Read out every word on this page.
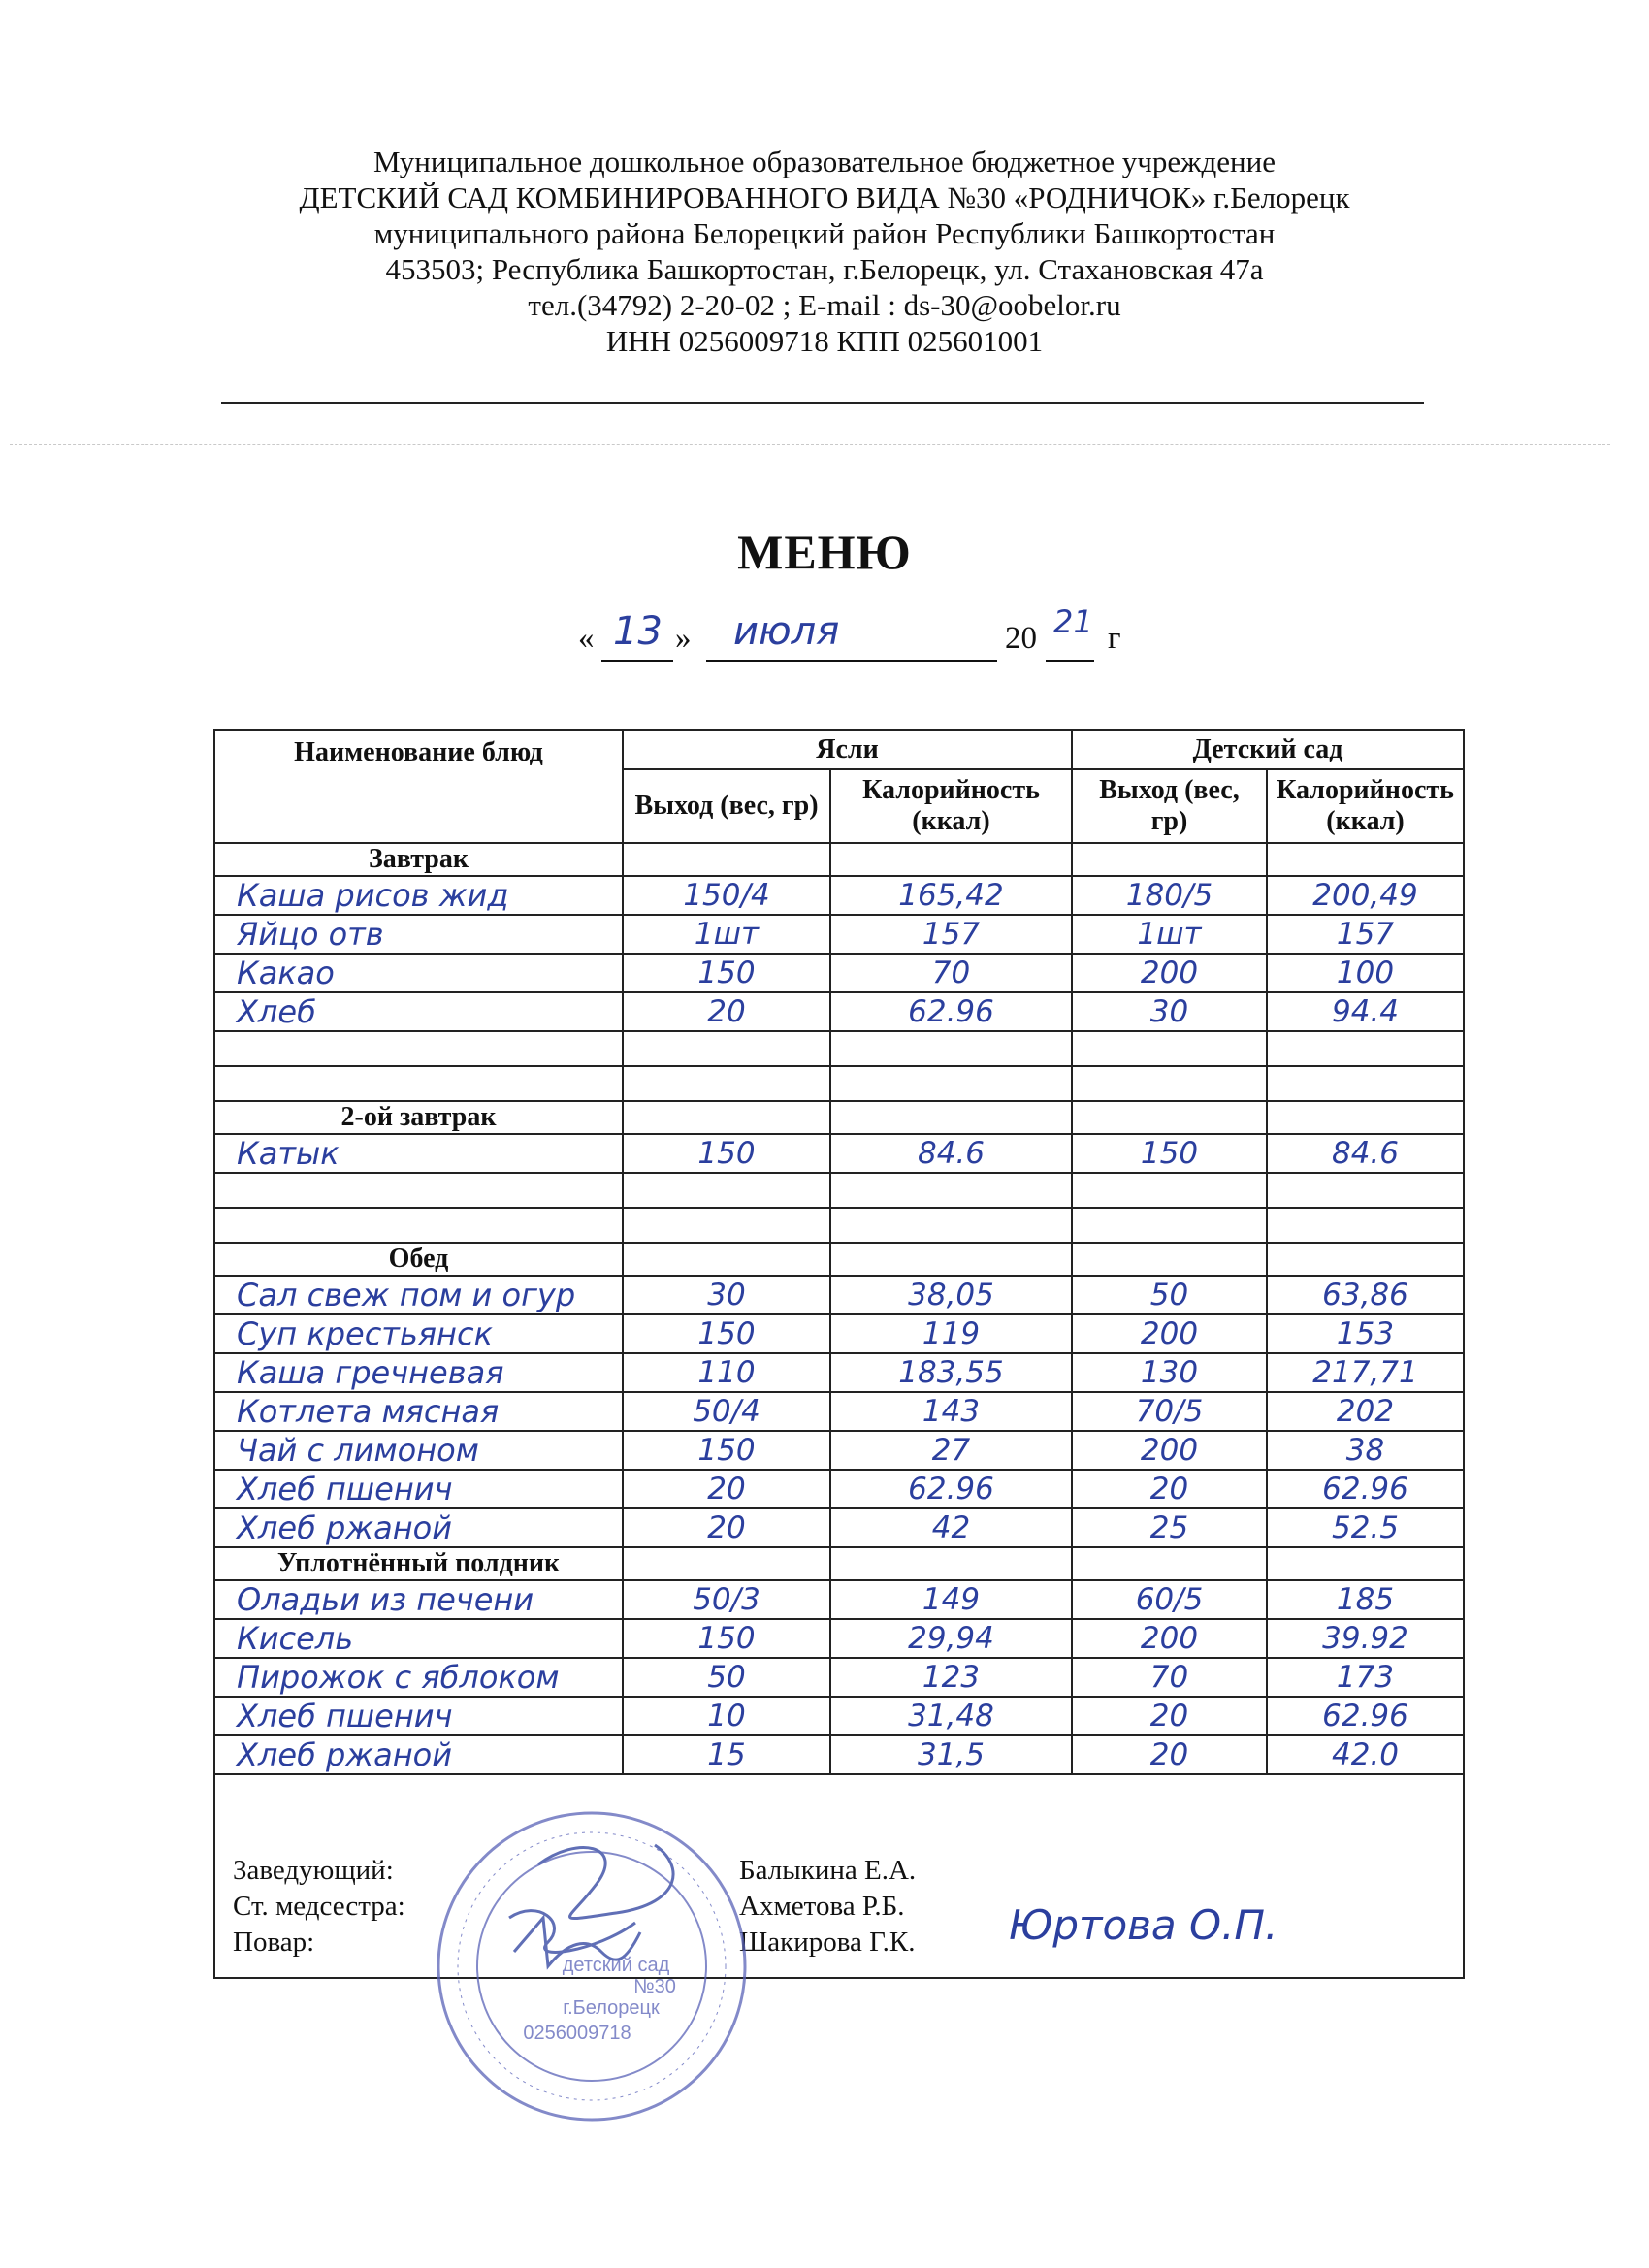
Муниципальное дошкольное образовательное бюджетное учреждение
ДЕТСКИЙ САД КОМБИНИРОВАННОГО ВИДА №30 «РОДНИЧОК» г.Белорецк
муниципального района Белорецкий район Республики Башкортостан
453503; Республика Башкортостан, г.Белорецк, ул. Стахановская 47а
тел.(34792) 2-20-02 ; E-mail : ds-30@oobelor.ru
ИНН 0256009718 КПП 025601001
МЕНЮ
« 13 » июля	20 21 г
Наименование блюд	Ясли		Детский сад	
	Выход (вес, гр)	Калорийность (ккал)	Выход (вес, гр)	Калорийность (ккал)
Завтрак				
Каша рисов жид	150/4	165,42	180/5	200,49
Яйцо отв	1шт	157	1шт	157
Какао	150	70	200	100
Хлеб	20	62.96	30	94.4

2-ой завтрак				
Катык	150	84.6	150	84.6

Обед				
Сал свеж пом и огур	30	38,05	50	63,86
Суп крестьянск	150	119	200	153
Каша гречневая	110	183,55	130	217,71
Котлета мясная	50/4	143	70/5	202
Чай с лимоном	150	27	200	38
Хлеб пшенич	20	62.96	20	62.96
Хлеб ржаной	20	42	25	52.5
Уплотнённый полдник				
Оладьи из печени	50/3	149	60/5	185
Кисель	150	29,94	200	39.92
Пирожок с яблоком	50	123	70	173
Хлеб пшенич	10	31,48	20	62.96
Хлеб ржаной	15	31,5	20	42.0

Заведующий:	Балыкина Е.А.
Ст. медсестра:	Ахметова Р.Б.
Повар:	Шакирова Г.К. Юртова О.П.
детский сад
№30
г.Белорецк
0256009718
